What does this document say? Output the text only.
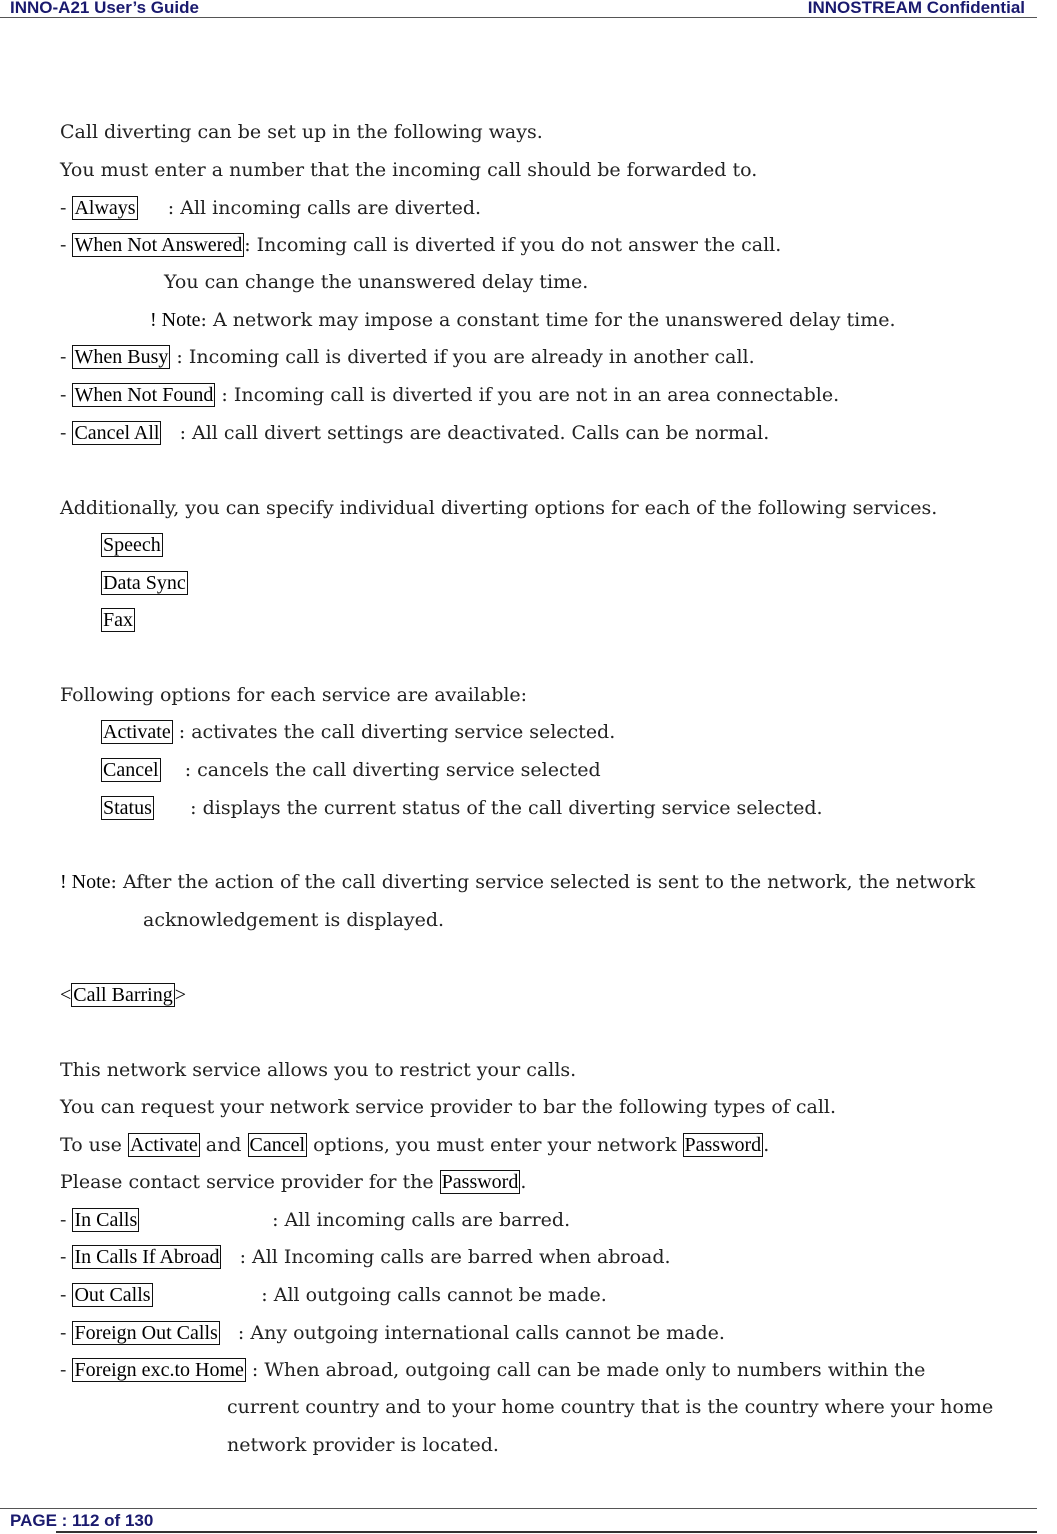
INNO-A21 User’s Guide	INNOSTREAM Confidential
Call diverting can be set up in the following ways.
You must enter a number that the incoming call should be forwarded to.
- Always     : All incoming calls are diverted.
- When Not Answered : Incoming call is diverted if you do not answer the call.
You can change the unanswered delay time.
! Note: A network may impose a constant time for the unanswered delay time.
- When Busy : Incoming call is diverted if you are already in another call.
- When Not Found : Incoming call is diverted if you are not in an area connectable.
- Cancel All   : All call divert settings are deactivated. Calls can be normal.
Additionally, you can specify individual diverting options for each of the following services.
Speech
Data Sync
Fax
Following options for each service are available:
Activate : activates the call diverting service selected.
Cancel    : cancels the call diverting service selected
Status      : displays the current status of the call diverting service selected.
! Note: After the action of the call diverting service selected is sent to the network, the network
acknowledgement is displayed.
< Call Barring >
This network service allows you to restrict your calls.
You can request your network service provider to bar the following types of call.
To use Activate and Cancel options, you must enter your network Password .
Please contact service provider for the Password .
- In Calls                      : All incoming calls are barred.
- In Calls If Abroad   : All Incoming calls are barred when abroad.
- Out Calls                  : All outgoing calls cannot be made.
- Foreign Out Calls   : Any outgoing international calls cannot be made.
- Foreign exc.to Home : When abroad, outgoing call can be made only to numbers within the
current country and to your home country that is the country where your home
network provider is located.
PAGE : 112 of 130
